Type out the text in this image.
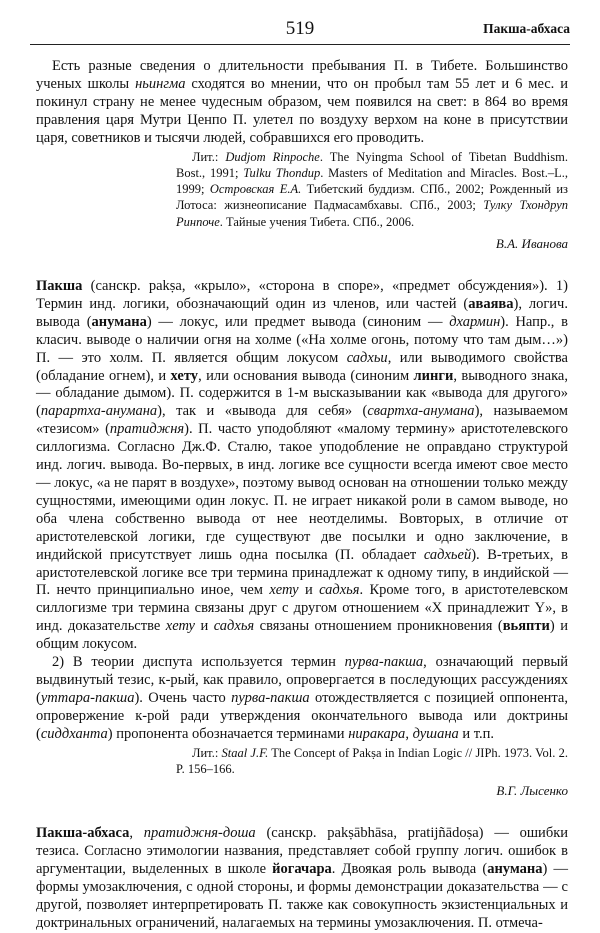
519	Пакша-абхаса

Есть разные сведения о длительности пребывания П. в Тибете. Большинство ученых школы ньингма сходятся во мнении, что он пробыл там 55 лет и 6 мес. и покинул страну не менее чудесным образом, чем появился на свет: в 864 во время правления царя Мутри Ценпо П. улетел по воздуху верхом на коне в присутствии царя, советников и тысячи людей, собравшихся его проводить.

Лит.: Dudjom Rinpoche. The Nyingma School of Tibetan Buddhism. Bost., 1991; Tulku Thondup. Masters of Meditation and Miracles. Bost.–L., 1999; Островская Е.А. Тибетский буддизм. СПб., 2002; Рожденный из Лотоса: жизнеописание Падмасамбхавы. СПб., 2003; Тулку Тхондруп Ринпоче. Тайные учения Тибета. СПб., 2006.
В.А. Иванова

Пакша (санскр. pakṣa, «крыло», «сторона в споре», «предмет обсуждения»). 1) Термин инд. логики, обозначающий один из членов, или частей (аваява), логич. вывода (анумана) — локус, или предмет вывода (синоним — дхармин). Напр., в класич. выводе о наличии огня на холме («На холме огонь, потому что там дым…») П. — это холм. П. является общим локусом садхьи, или выводимого свойства (обладание огнем), и хету, или основания вывода (синоним линги, выводного знака, — обладание дымом). П. содержится в 1-м высказывании как «вывода для другого» (парартха-анумана), так и «вывода для себя» (свартха-анумана), называемом «тезисом» (пратиджня). П. часто уподобляют «малому термину» аристотелевского силлогизма. Согласно Дж.Ф. Сталю, такое уподобление не оправдано структурой инд. логич. вывода. Во-первых, в инд. логике все сущности всегда имеют свое место — локус, «а не парят в воздухе», поэтому вывод основан на отношении только между сущностями, имеющими один локус. П. не играет никакой роли в самом выводе, но оба члена собственно вывода от нее неотделимы. Вовторых, в отличие от аристотелевской логики, где существуют две посылки и одно заключение, в индийской присутствует лишь одна посылка (П. обладает садхьей). В-третьих, в аристотелевской логике все три термина принадлежат к одному типу, в индийской — П. нечто принципиально иное, чем хету и садхья. Кроме того, в аристотелевском силлогизме три термина связаны друг с другом отношением «X принадлежит Y», в инд. доказательстве хету и садхья связаны отношением проникновения (вьяпти) и общим локусом.

2) В теории диспута используется термин пурва-пакша, означающий первый выдвинутый тезис, к-рый, как правило, опровергается в последующих рассуждениях (уттара-пакша). Очень часто пурва-пакша отождествляется с позицией оппонента, опровержение к-рой ради утверждения окончательного вывода или доктрины (сиддханта) пропонента обозначается терминами ниракара, душана и т.п.

Лит.: Staal J.F. The Concept of Pakṣa in Indian Logic // JIPh. 1973. Vol. 2. P. 156–166.
В.Г. Лысенко

Пакша-абхаса, пратиджня-доша (санскр. pakṣābhāsa, pratijñādoṣa) — ошибки тезиса. Согласно этимологии названия, представляет собой группу логич. ошибок в аргументации, выделенных в школе йогачара. Двоякая роль вывода (анумана) — формы умозаключения, с одной стороны, и формы демонстрации доказательства — с другой, позволяет интерпретировать П. также как совокупность экзистенциальных и доктринальных ограничений, налагаемых на термины умозаключения. П. отмеча-
